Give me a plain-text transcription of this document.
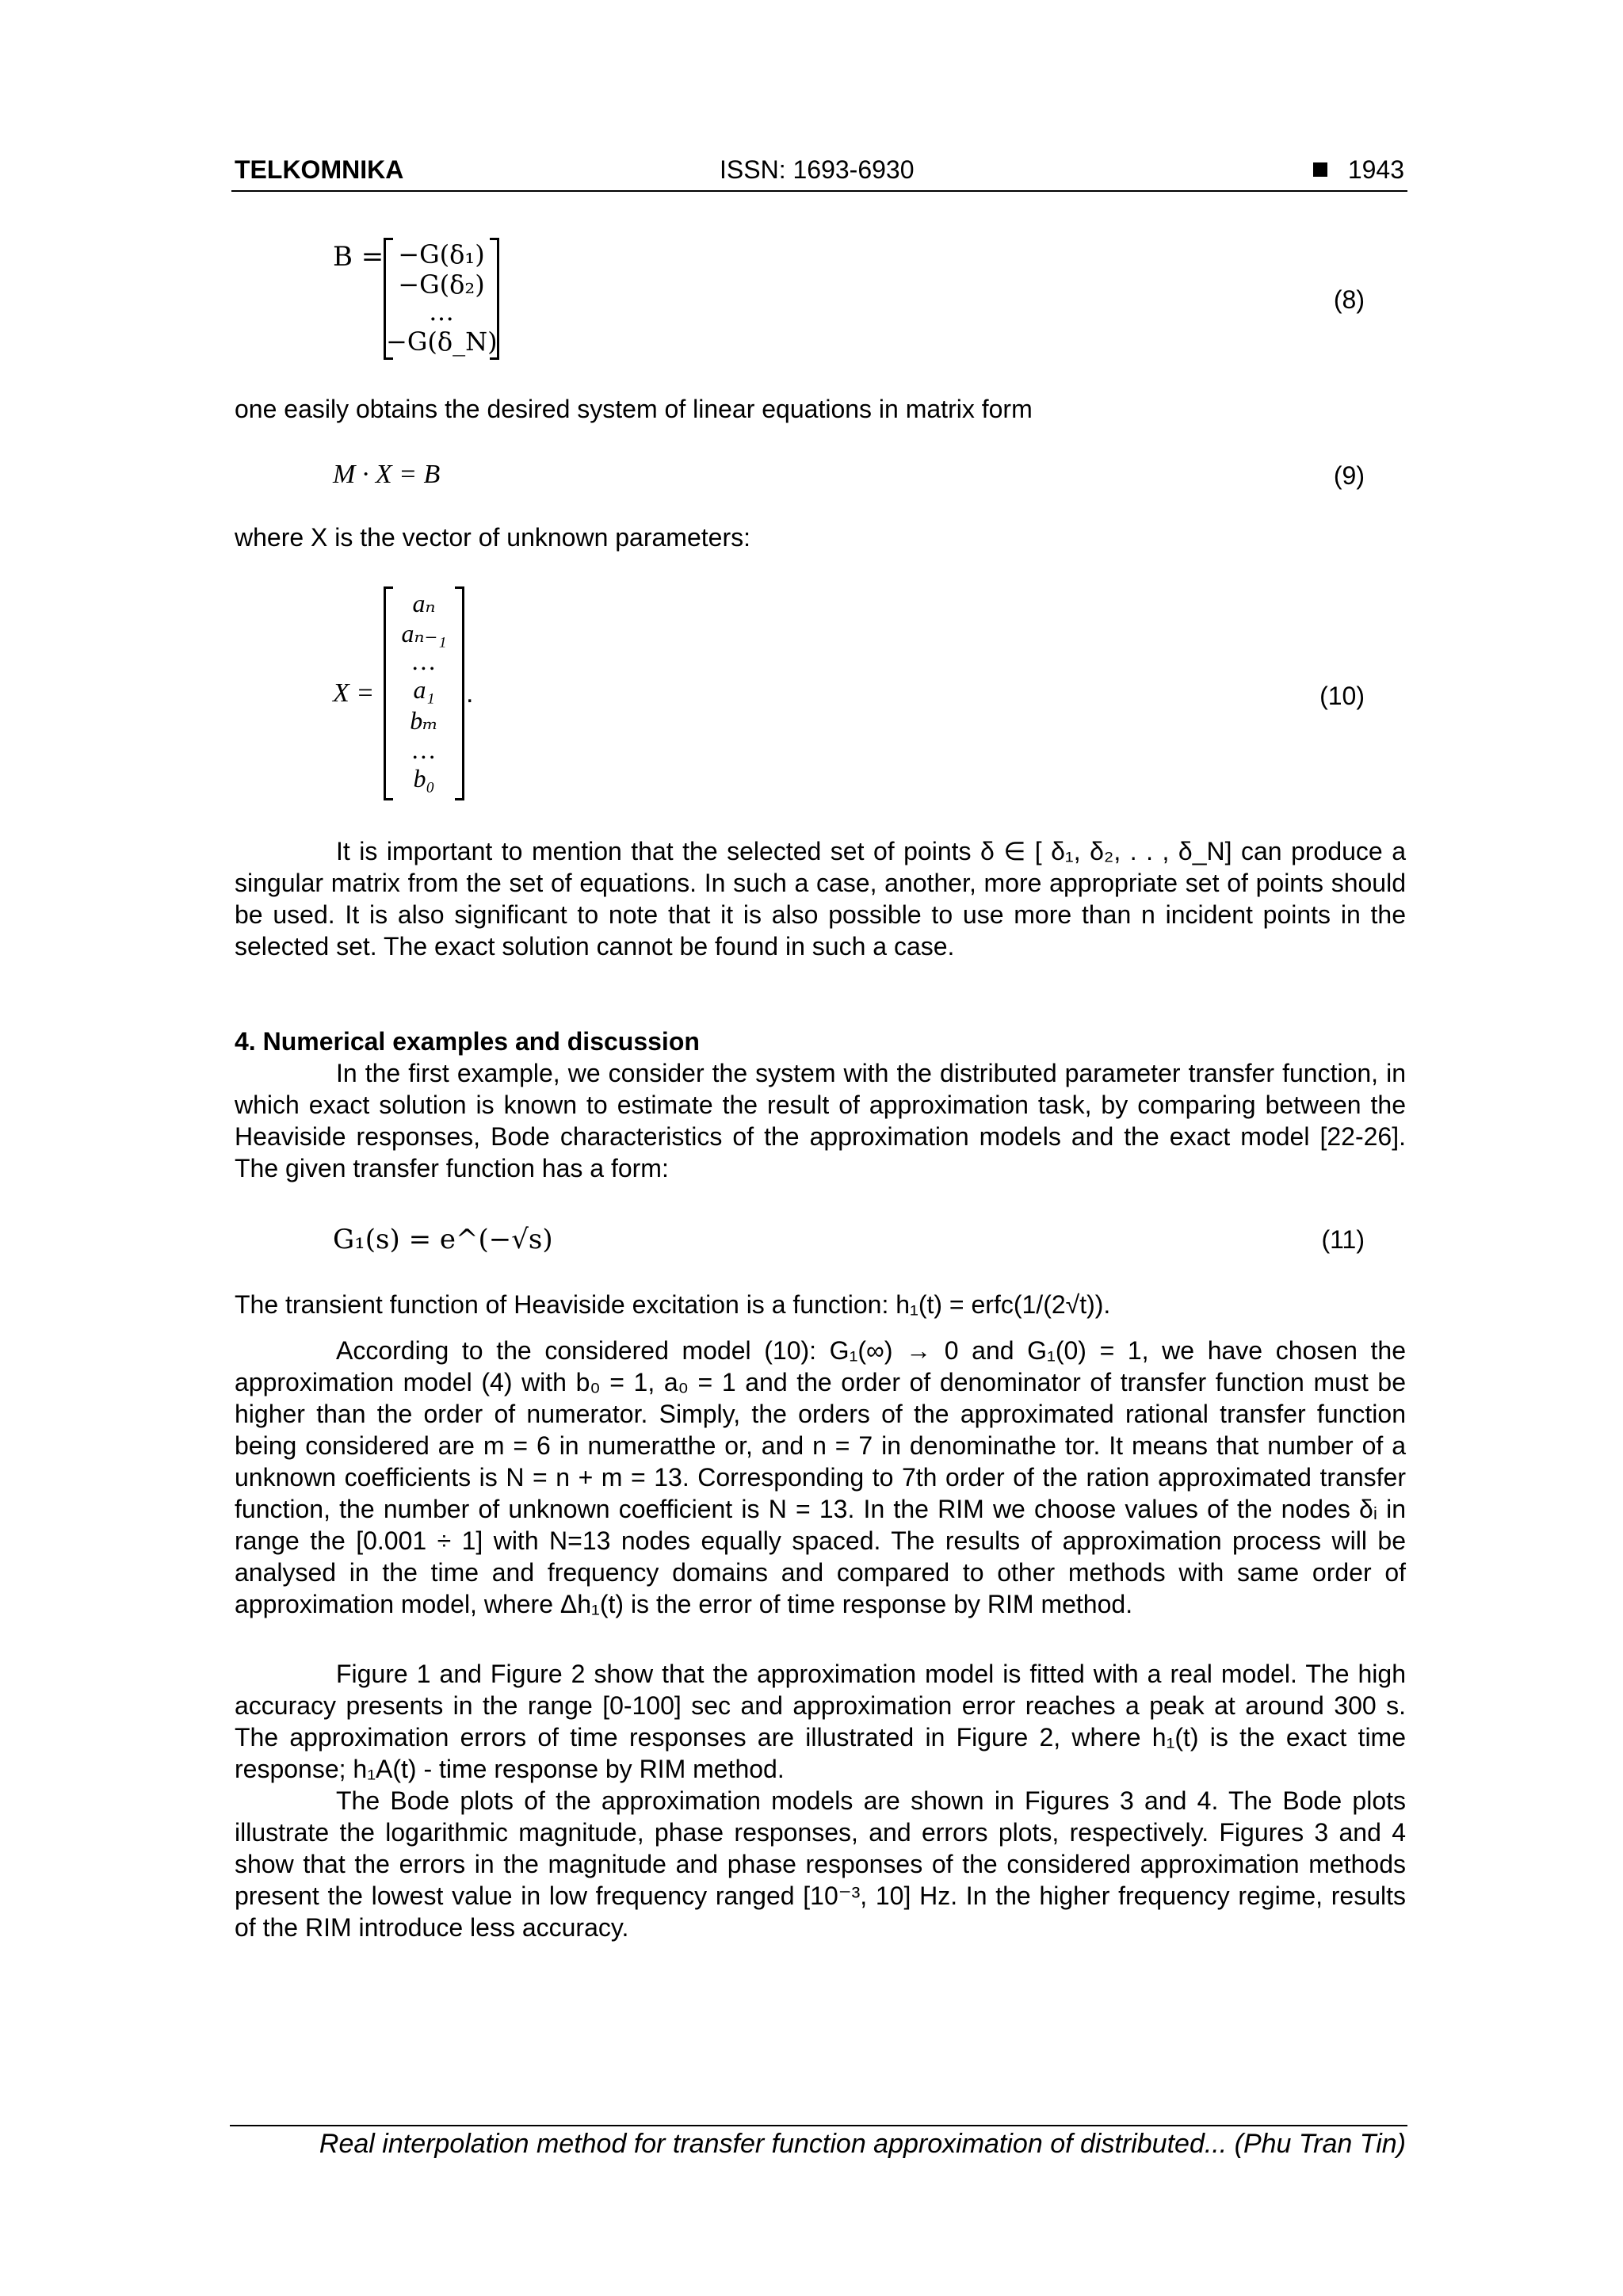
TELKOMNIKA	ISSN: 1693-6930	1943
B = −G(δ₁)
−G(δ₂)
…
−G(δ_N)
(8)
one easily obtains the desired system of linear equations in matrix form
M · X = B	(9)
where X is the vector of unknown parameters:
X =
aₙ
aₙ₋₁
…
a₁
bₘ
…
b₀
.	(10)
It is important to mention that the selected set of points δ ∈ [ δ₁, δ₂, . . , δ_N] can produce a singular matrix from the set of equations. In such a case, another, more appropriate set of points should be used. It is also significant to note that it is also possible to use more than n incident points in the selected set. The exact solution cannot be found in such a case.
4. Numerical examples and discussion
In the first example, we consider the system with the distributed parameter transfer function, in which exact solution is known to estimate the result of approximation task, by comparing between the Heaviside responses, Bode characteristics of the approximation models and the exact model [22-26]. The given transfer function has a form:
G₁(s) = e^(−√s)	(11)
The transient function of Heaviside excitation is a function: h₁(t) = erfc(1/(2√t)).
According to the considered model (10): G₁(∞) → 0 and G₁(0) = 1, we have chosen the approximation model (4) with b₀ = 1, a₀ = 1 and the order of denominator of transfer function must be higher than the order of numerator. Simply, the orders of the approximated rational transfer function being considered are m = 6 in numeratthe or, and n = 7 in denominathe tor. It means that number of a unknown coefficients is N = n + m = 13. Corresponding to 7th order of the ration approximated transfer function, the number of unknown coefficient is N = 13. In the RIM we choose values of the nodes δᵢ in range the [0.001 ÷ 1] with N=13 nodes equally spaced. The results of approximation process will be analysed in the time and frequency domains and compared to other methods with same order of approximation model, where Δh₁(t) is the error of time response by RIM method.
Figure 1 and Figure 2 show that the approximation model is fitted with a real model. The high accuracy presents in the range [0-100] sec and approximation error reaches a peak at around 300 s. The approximation errors of time responses are illustrated in Figure 2, where h₁(t) is the exact time response; h₁A(t) - time response by RIM method.
The Bode plots of the approximation models are shown in Figures 3 and 4. The Bode plots illustrate the logarithmic magnitude, phase responses, and errors plots, respectively. Figures 3 and 4 show that the errors in the magnitude and phase responses of the considered approximation methods present the lowest value in low frequency ranged [10⁻³, 10] Hz. In the higher frequency regime, results of the RIM introduce less accuracy.
Real interpolation method for transfer function approximation of distributed... (Phu Tran Tin)
